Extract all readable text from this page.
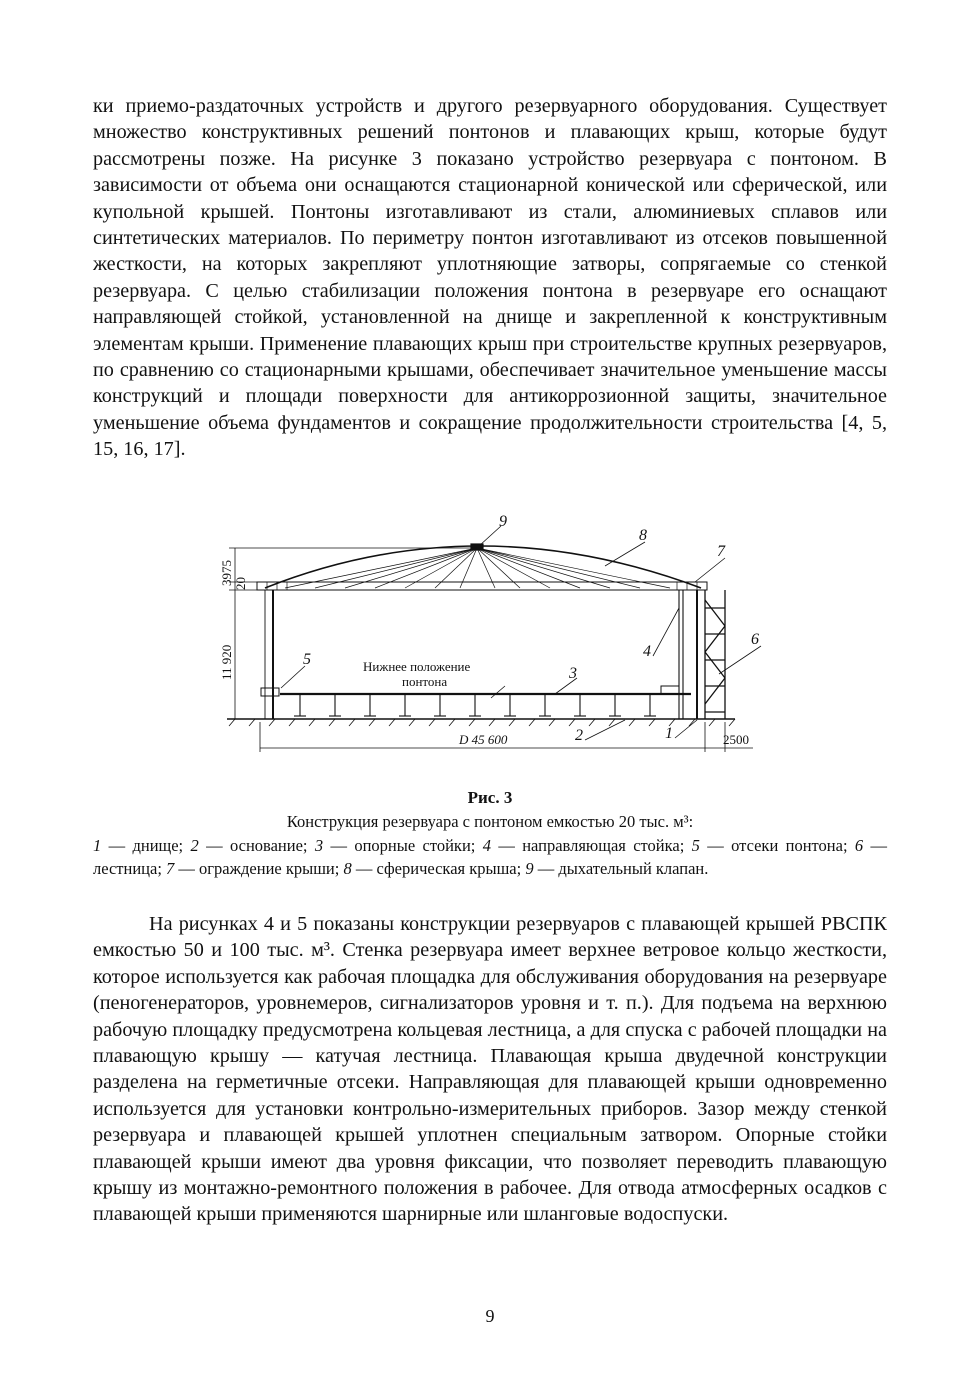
ки приемо-раздаточных устройств и другого резервуарного оборудования. Существует множество конструктивных решений понтонов и плавающих крыш, которые будут рассмотрены позже. На рисунке 3 показано устройство резервуара с понтоном. В зависимости от объема они оснащаются стационарной конической или сферической, или купольной крышей. Понтоны изготавливают из стали, алюминиевых сплавов или синтетических материалов. По периметру понтон изготавливают из отсеков повышенной жесткости, на которых закрепляют уплотняющие затворы, сопрягаемые со стенкой резервуара. С целью стабилизации положения понтона в резервуаре его оснащают направляющей стойкой, установленной на днище и закрепленной к конструктивным элементам крыши. Применение плавающих крыш при строительстве крупных резервуаров, по сравнению со стационарными крышами, обеспечивает значительное уменьшение массы конструкций и площади поверхности для антикоррозионной защиты, значительное уменьшение объема фундаментов и сокращение продолжительности строительства [4, 5, 15, 16, 17].

3975 20
11 920
D 45 600	2500
Нижнее положение
понтона
9
8
7
6
4
5
3
2	1

Рис. 3

Конструкция резервуара с понтоном емкостью 20 тыс. м³:

1 — днище; 2 — основание; 3 — опорные стойки; 4 — направляющая стойка; 5 — отсеки понтона; 6 — лестница; 7 — ограждение крыши; 8 — сферическая крыша; 9 — дыхательный клапан.

На рисунках 4 и 5 показаны конструкции резервуаров с плавающей крышей РВСПК емкостью 50 и 100 тыс. м³. Стенка резервуара имеет верхнее ветровое кольцо жесткости, которое используется как рабочая площадка для обслуживания оборудования на резервуаре (пеногенераторов, уровнемеров, сигнализаторов уровня и т. п.). Для подъема на верхнюю рабочую площадку предусмотрена кольцевая лестница, а для спуска с рабочей площадки на плавающую крышу — катучая лестница. Плавающая крыша двудечной конструкции разделена на герметичные отсеки. Направляющая для плавающей крыши одновременно используется для установки контрольно-измерительных приборов. Зазор между стенкой резервуара и плавающей крышей уплотнен специальным затвором. Опорные стойки плавающей крыши имеют два уровня фиксации, что позволяет переводить плавающую крышу из монтажно-ремонтного положения в рабочее. Для отвода атмосферных осадков с плавающей крыши применяются шарнирные или шланговые водоспуски.

9
